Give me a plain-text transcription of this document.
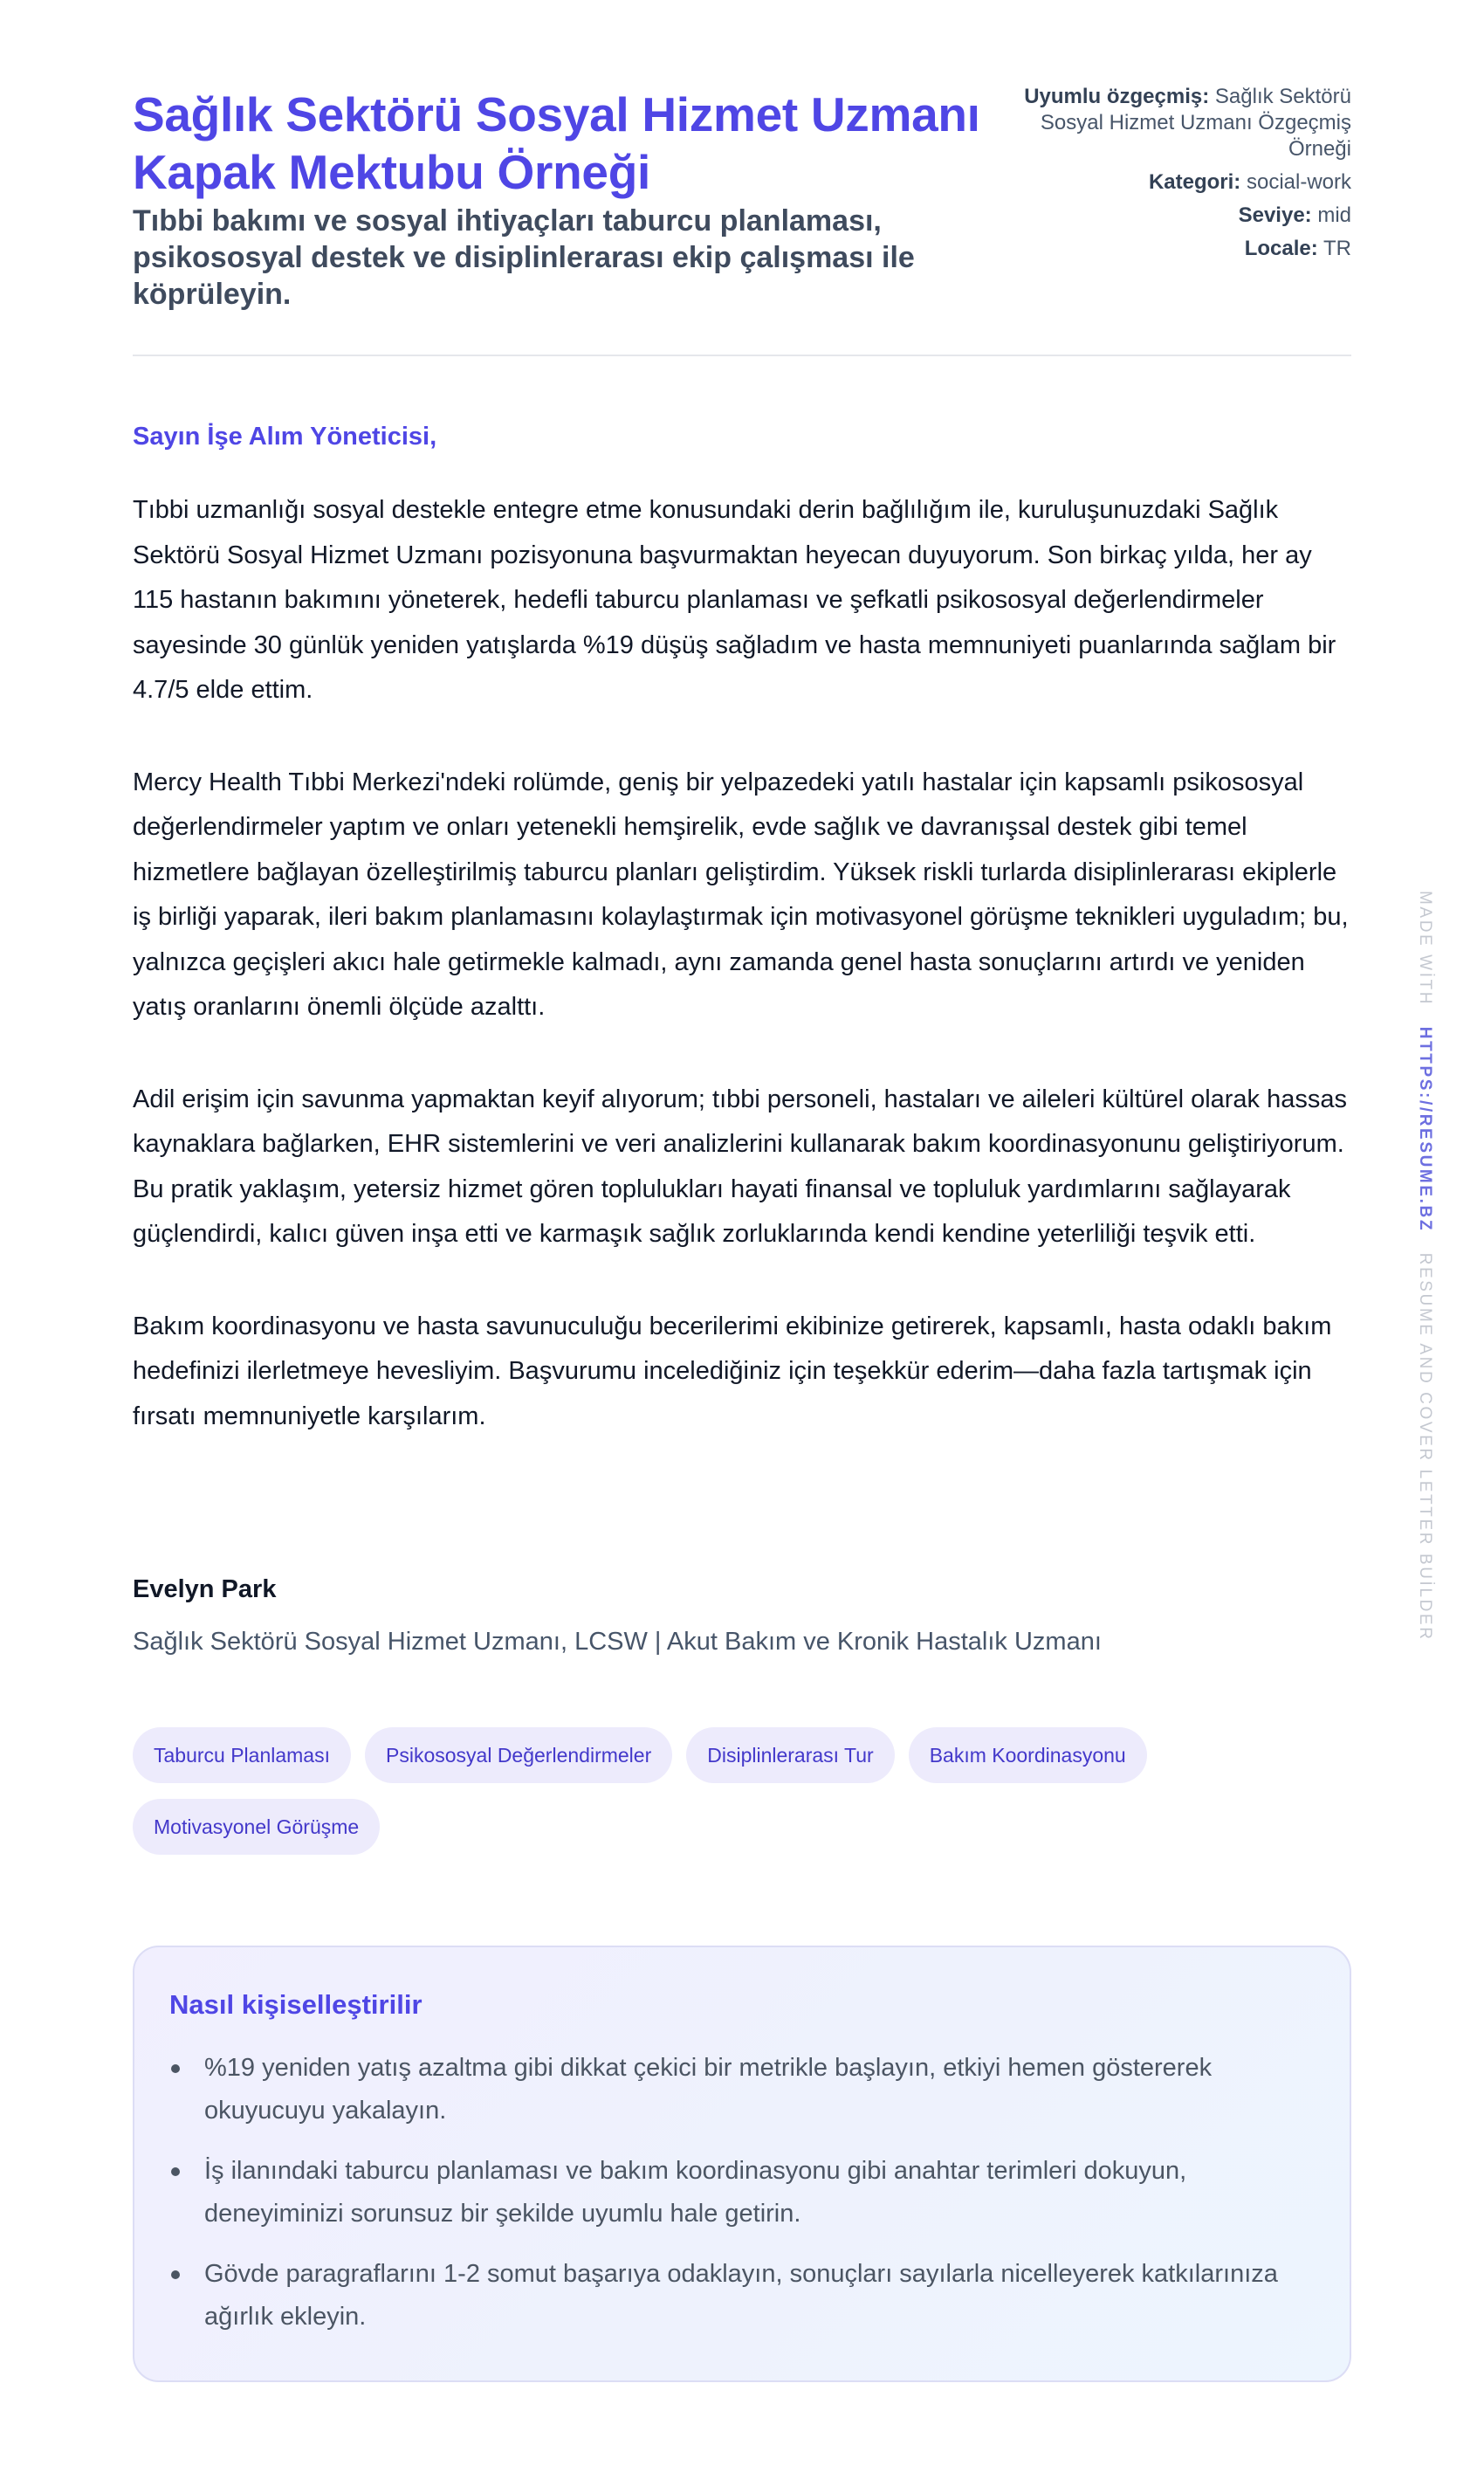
Sağlık Sektörü Sosyal Hizmet Uzmanı Kapak Mektubu Örneği

Tıbbi bakımı ve sosyal ihtiyaçları taburcu planlaması, psikososyal destek ve disiplinlerarası ekip çalışması ile köprüleyin.

Uyumlu özgeçmiş: Sağlık Sektörü Sosyal Hizmet Uzmanı Özgeçmiş Örneği
Kategori: social-work
Seviye: mid
Locale: TR

Sayın İşe Alım Yöneticisi,

Tıbbi uzmanlığı sosyal destekle entegre etme konusundaki derin bağlılığım ile, kuruluşunuzdaki Sağlık Sektörü Sosyal Hizmet Uzmanı pozisyonuna başvurmaktan heyecan duyuyorum. Son birkaç yılda, her ay 115 hastanın bakımını yöneterek, hedefli taburcu planlaması ve şefkatli psikososyal değerlendirmeler sayesinde 30 günlük yeniden yatışlarda %19 düşüş sağladım ve hasta memnuniyeti puanlarında sağlam bir 4.7/5 elde ettim.

Mercy Health Tıbbi Merkezi'ndeki rolümde, geniş bir yelpazedeki yatılı hastalar için kapsamlı psikososyal değerlendirmeler yaptım ve onları yetenekli hemşirelik, evde sağlık ve davranışsal destek gibi temel hizmetlere bağlayan özelleştirilmiş taburcu planları geliştirdim. Yüksek riskli turlarda disiplinlerarası ekiplerle iş birliği yaparak, ileri bakım planlamasını kolaylaştırmak için motivasyonel görüşme teknikleri uyguladım; bu, yalnızca geçişleri akıcı hale getirmekle kalmadı, aynı zamanda genel hasta sonuçlarını artırdı ve yeniden yatış oranlarını önemli ölçüde azalttı.

Adil erişim için savunma yapmaktan keyif alıyorum; tıbbi personeli, hastaları ve aileleri kültürel olarak hassas kaynaklara bağlarken, EHR sistemlerini ve veri analizlerini kullanarak bakım koordinasyonunu geliştiriyorum. Bu pratik yaklaşım, yetersiz hizmet gören toplulukları hayati finansal ve topluluk yardımlarını sağlayarak güçlendirdi, kalıcı güven inşa etti ve karmaşık sağlık zorluklarında kendi kendine yeterliliği teşvik etti.

Bakım koordinasyonu ve hasta savunuculuğu becerilerimi ekibinize getirerek, kapsamlı, hasta odaklı bakım hedefinizi ilerletmeye hevesliyim. Başvurumu incelediğiniz için teşekkür ederim—daha fazla tartışmak için fırsatı memnuniyetle karşılarım.

Evelyn Park

Sağlık Sektörü Sosyal Hizmet Uzmanı, LCSW | Akut Bakım ve Kronik Hastalık Uzmanı

Taburcu Planlaması	Psikososyal Değerlendirmeler	Disiplinlerarası Tur	Bakım Koordinasyonu
Motivasyonel Görüşme
Nasıl kişiselleştirilir
%19 yeniden yatış azaltma gibi dikkat çekici bir metrikle başlayın, etkiyi hemen göstererek okuyucuyu yakalayın.
İş ilanındaki taburcu planlaması ve bakım koordinasyonu gibi anahtar terimleri dokuyun, deneyiminizi sorunsuz bir şekilde uyumlu hale getirin.
Gövde paragraflarını 1-2 somut başarıya odaklayın, sonuçları sayılarla nicelleyerek katkılarınıza ağırlık ekleyin.
MADE WİTH   HTTPS://RESUME.BZ   RESUME AND COVER LETTER BUİLDER
